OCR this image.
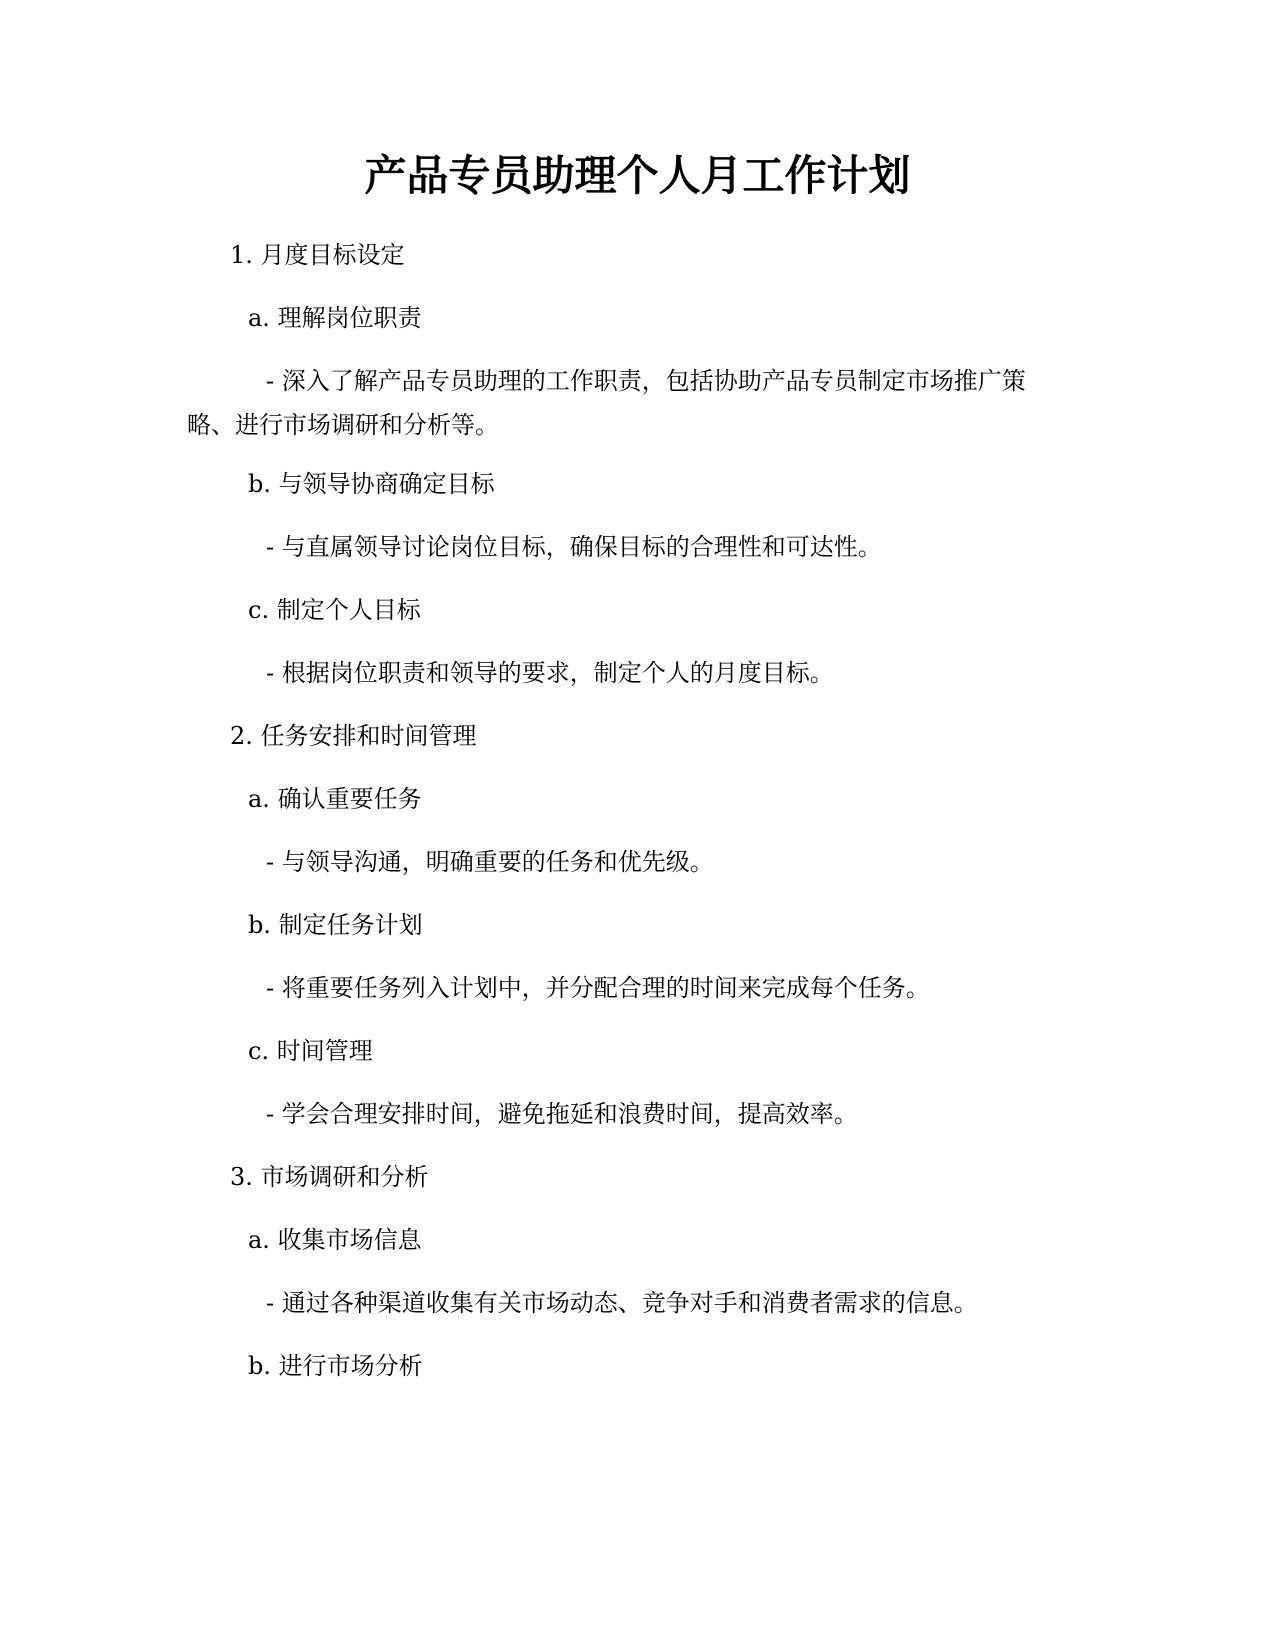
产品专员助理个人月工作计划
1. 月度目标设定
a. 理解岗位职责

- 深入了解产品专员助理的工作职责，包括协助产品专员制定市场推广策略、进行市场调研和分析等。

b. 与领导协商确定目标
- 与直属领导讨论岗位目标，确保目标的合理性和可达性。
c. 制定个人目标
- 根据岗位职责和领导的要求，制定个人的月度目标。
2. 任务安排和时间管理
a. 确认重要任务
- 与领导沟通，明确重要的任务和优先级。
b. 制定任务计划
- 将重要任务列入计划中，并分配合理的时间来完成每个任务。
c. 时间管理
- 学会合理安排时间，避免拖延和浪费时间，提高效率。
3. 市场调研和分析
a. 收集市场信息
- 通过各种渠道收集有关市场动态、竞争对手和消费者需求的信息。
b. 进行市场分析
